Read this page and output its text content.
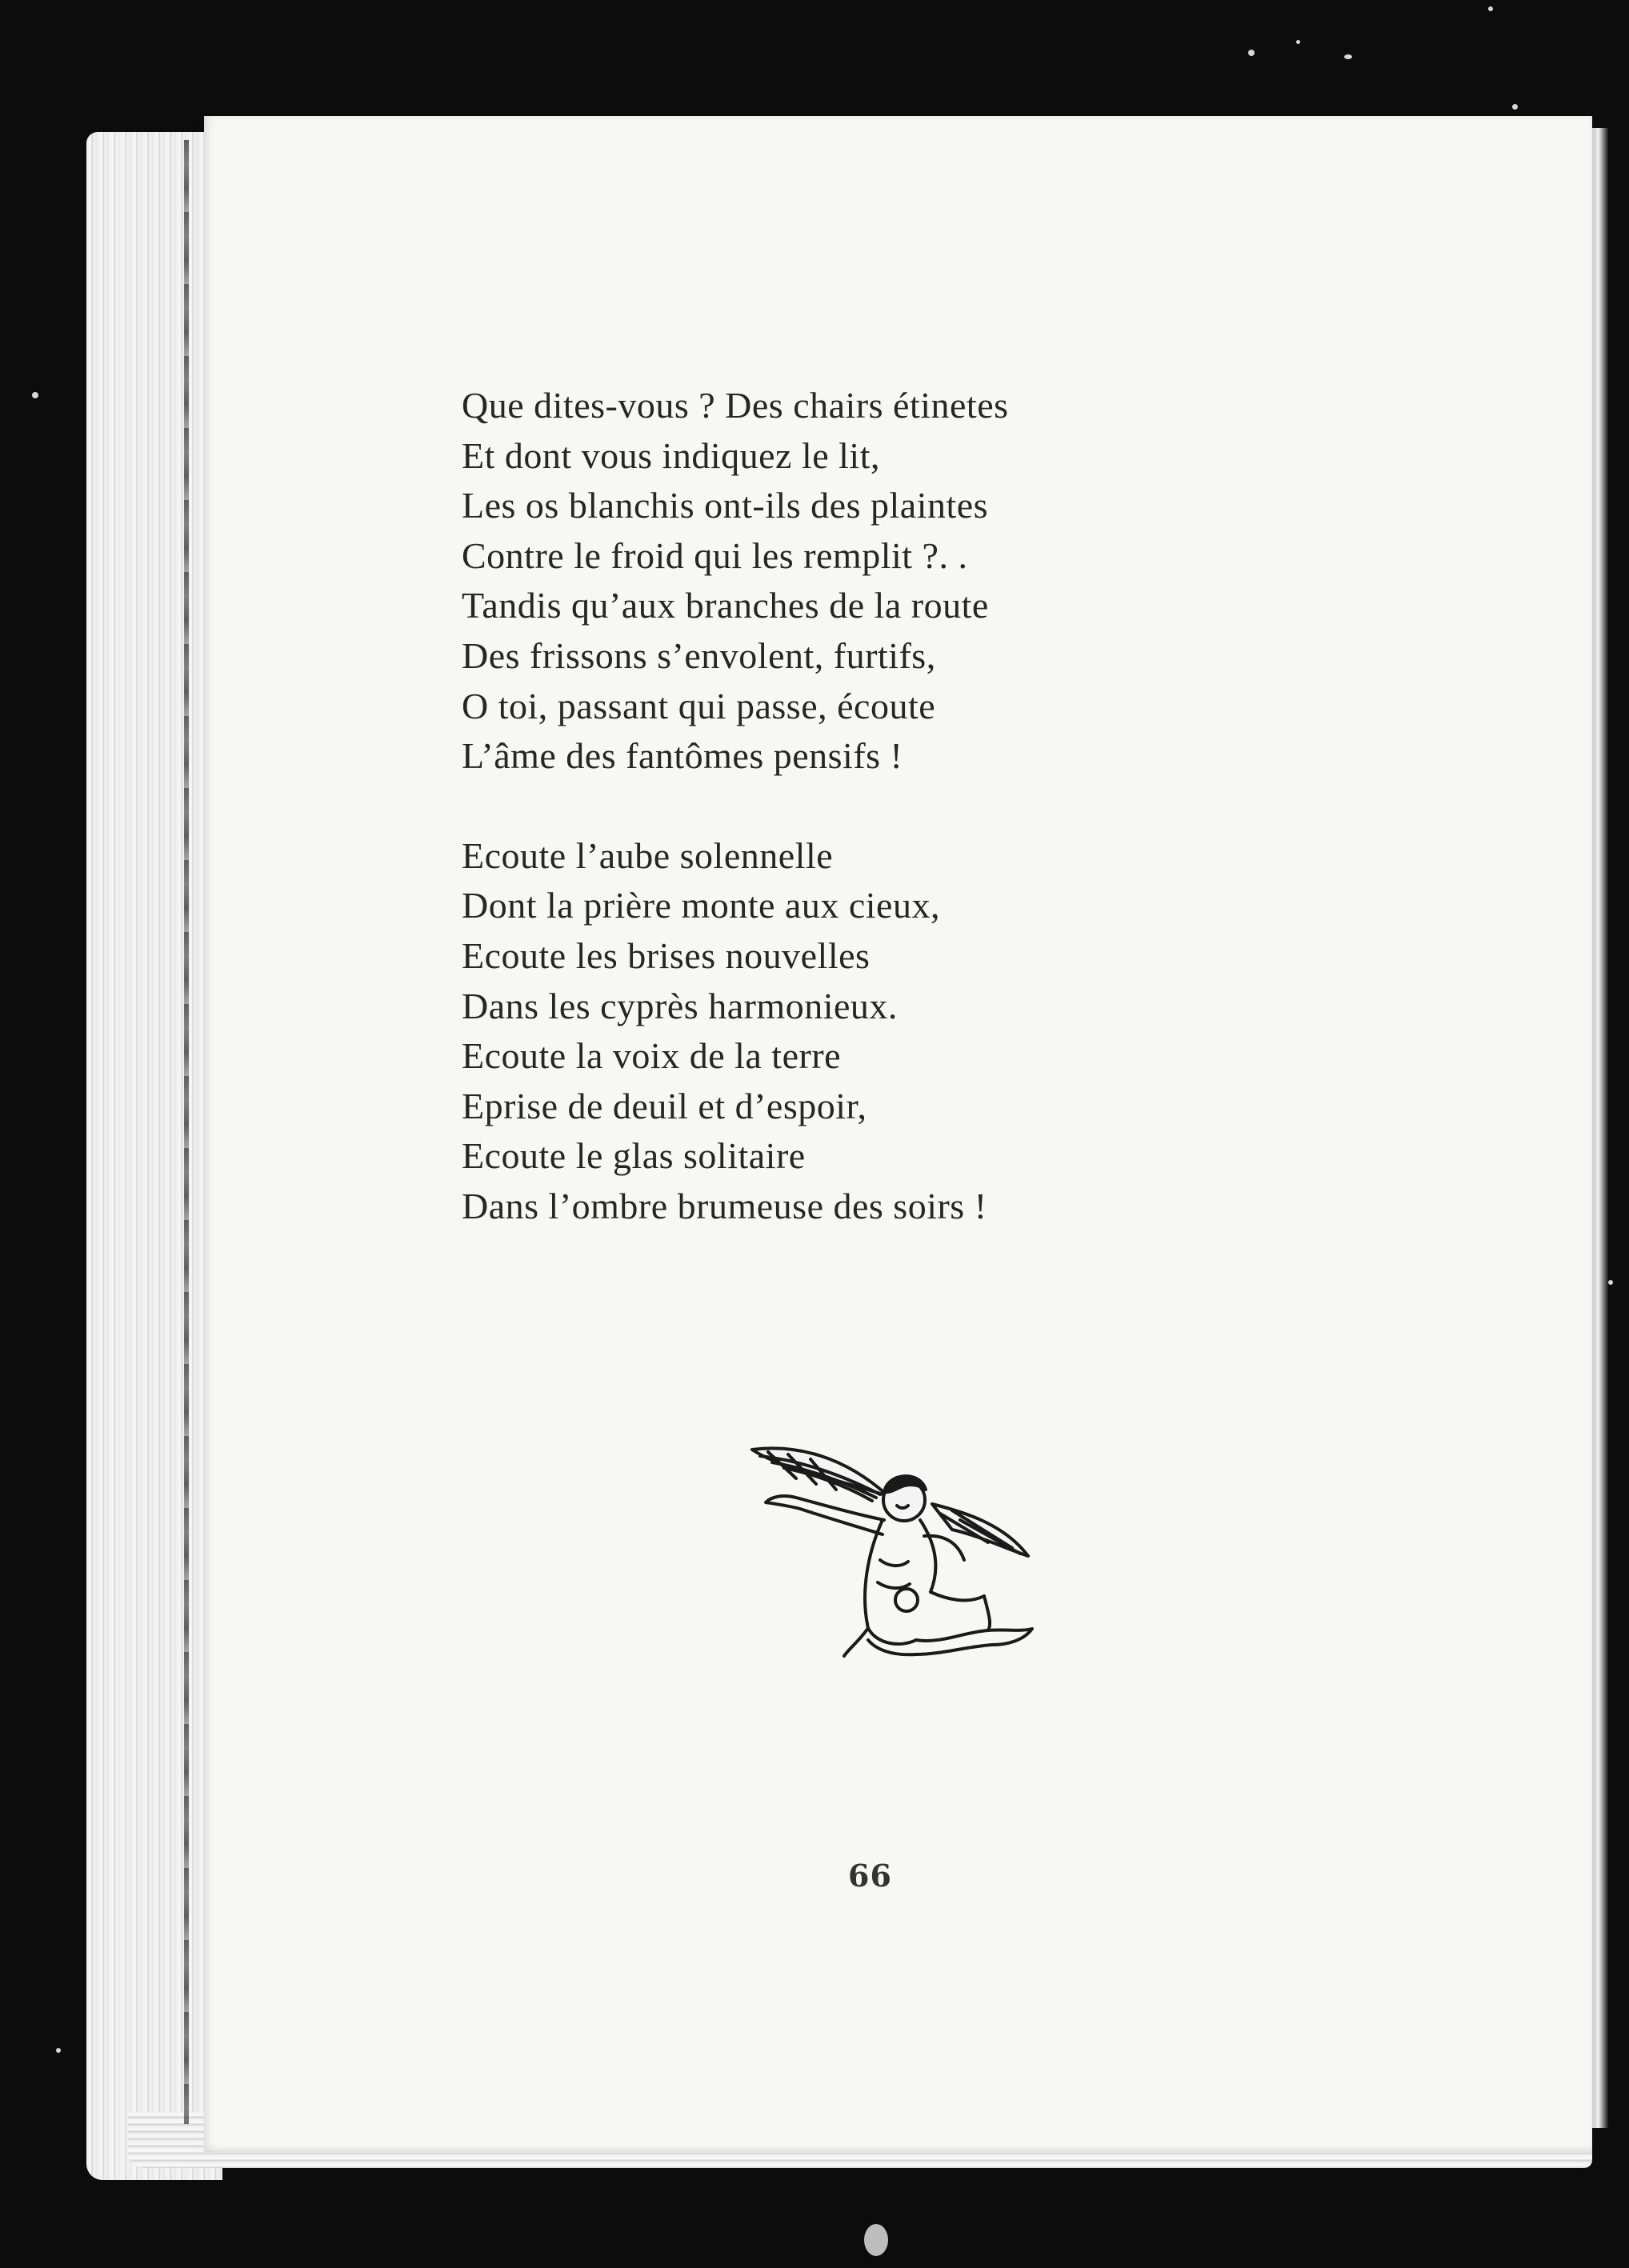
Que dites-vous ? Des chairs étinetes
Et dont vous indiquez le lit,
Les os blanchis ont-ils des plaintes
Contre le froid qui les remplit ?. .
Tandis qu’aux branches de la route
Des frissons s’envolent, furtifs,
O toi, passant qui passe, écoute
L’âme des fantômes pensifs !

Ecoute l’aube solennelle
Dont la prière monte aux cieux,
Ecoute les brises nouvelles
Dans les cyprès harmonieux.
Ecoute la voix de la terre
Eprise de deuil et d’espoir,
Ecoute le glas solitaire
Dans l’ombre brumeuse des soirs !

66
